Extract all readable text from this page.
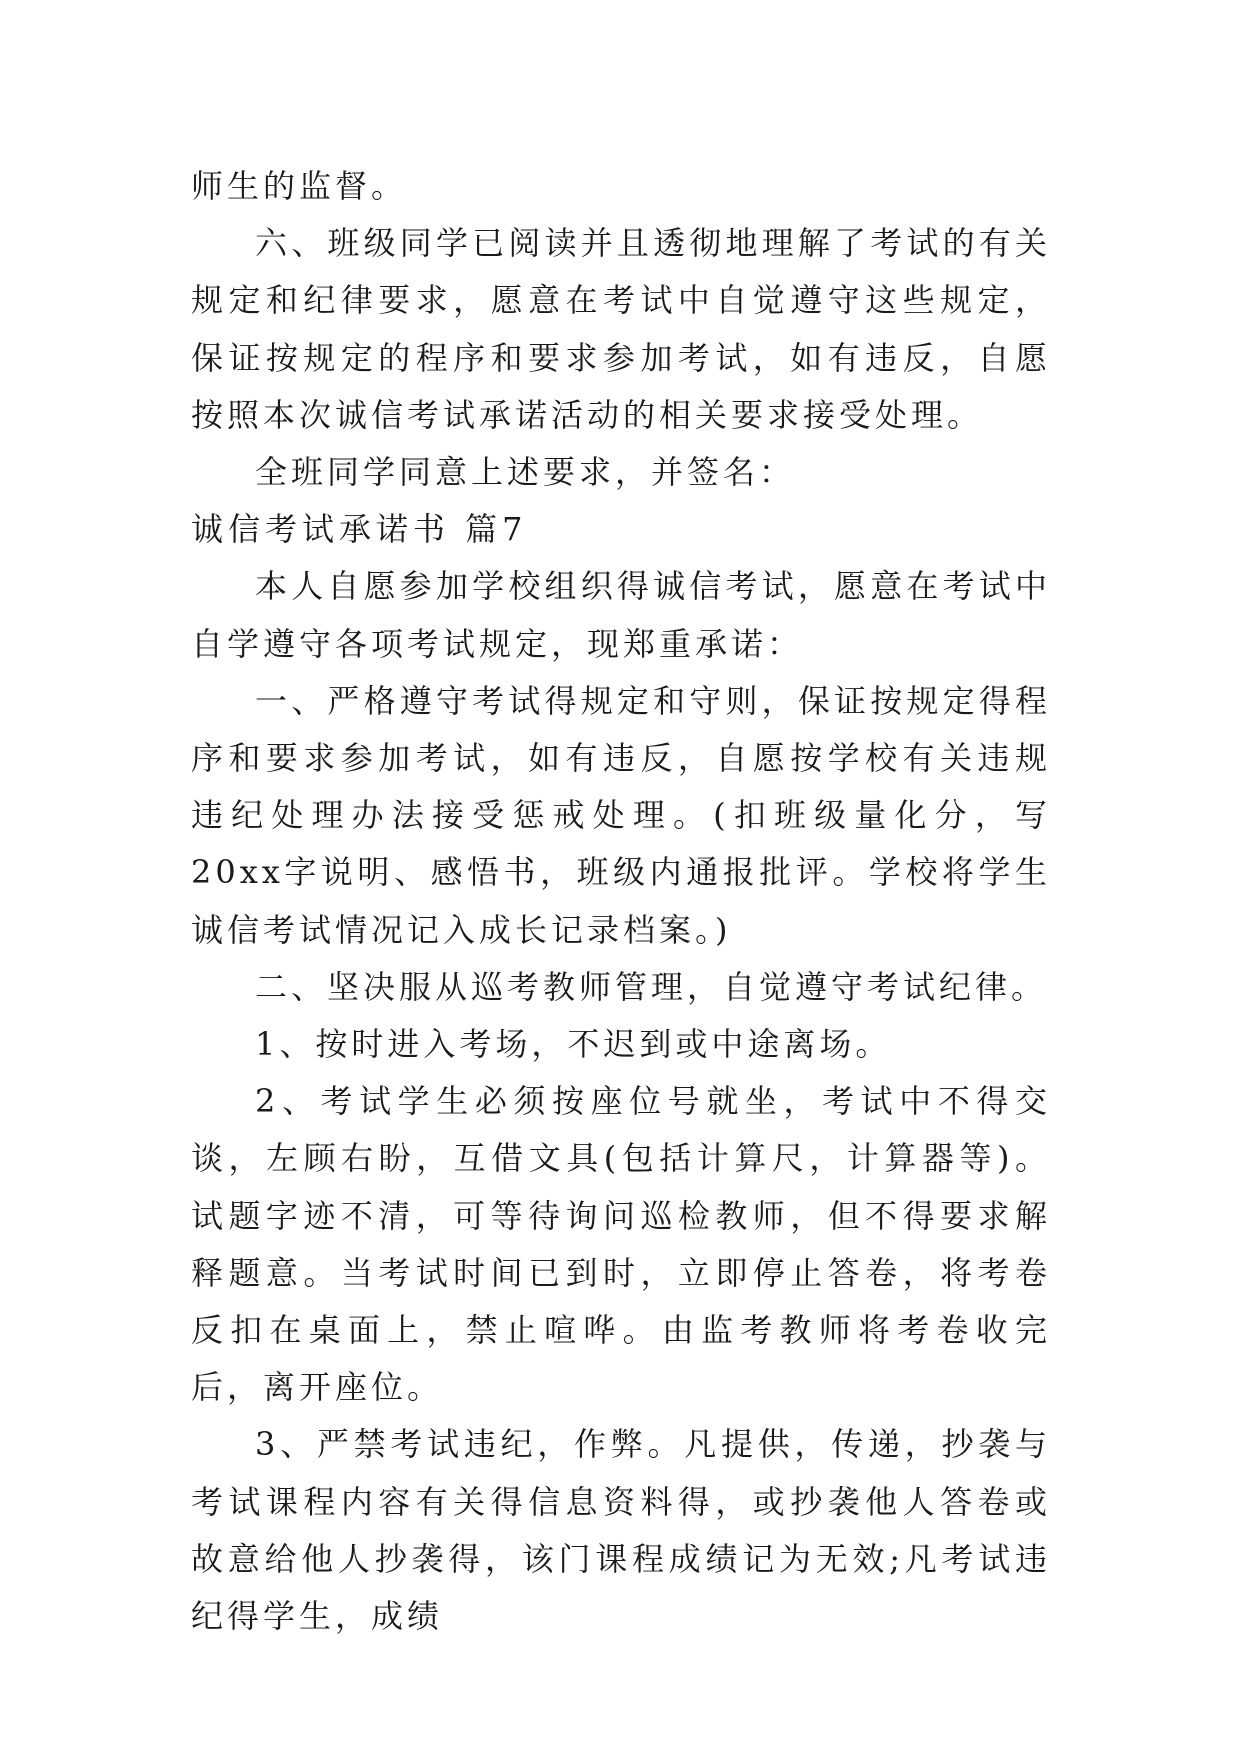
师生的监督。

六、班级同学已阅读并且透彻地理解了考试的有关规定和纪律要求，愿意在考试中自觉遵守这些规定，保证按规定的程序和要求参加考试，如有违反，自愿按照本次诚信考试承诺活动的相关要求接受处理。

全班同学同意上述要求，并签名：

诚信考试承诺书 篇7

本人自愿参加学校组织得诚信考试，愿意在考试中自学遵守各项考试规定，现郑重承诺：

一、严格遵守考试得规定和守则，保证按规定得程序和要求参加考试，如有违反，自愿按学校有关违规违纪处理办法接受惩戒处理。(扣班级量化分，写20xx字说明、感悟书，班级内通报批评。学校将学生诚信考试情况记入成长记录档案。)

二、坚决服从巡考教师管理，自觉遵守考试纪律。

1、按时进入考场，不迟到或中途离场。

2、考试学生必须按座位号就坐，考试中不得交谈，左顾右盼，互借文具(包括计算尺，计算器等)。试题字迹不清，可等待询问巡检教师，但不得要求解释题意。当考试时间已到时，立即停止答卷，将考卷反扣在桌面上，禁止喧哗。由监考教师将考卷收完后，离开座位。

3、严禁考试违纪，作弊。凡提供，传递，抄袭与考试课程内容有关得信息资料得，或抄袭他人答卷或故意给他人抄袭得，该门课程成绩记为无效;凡考试违纪得学生，成绩
